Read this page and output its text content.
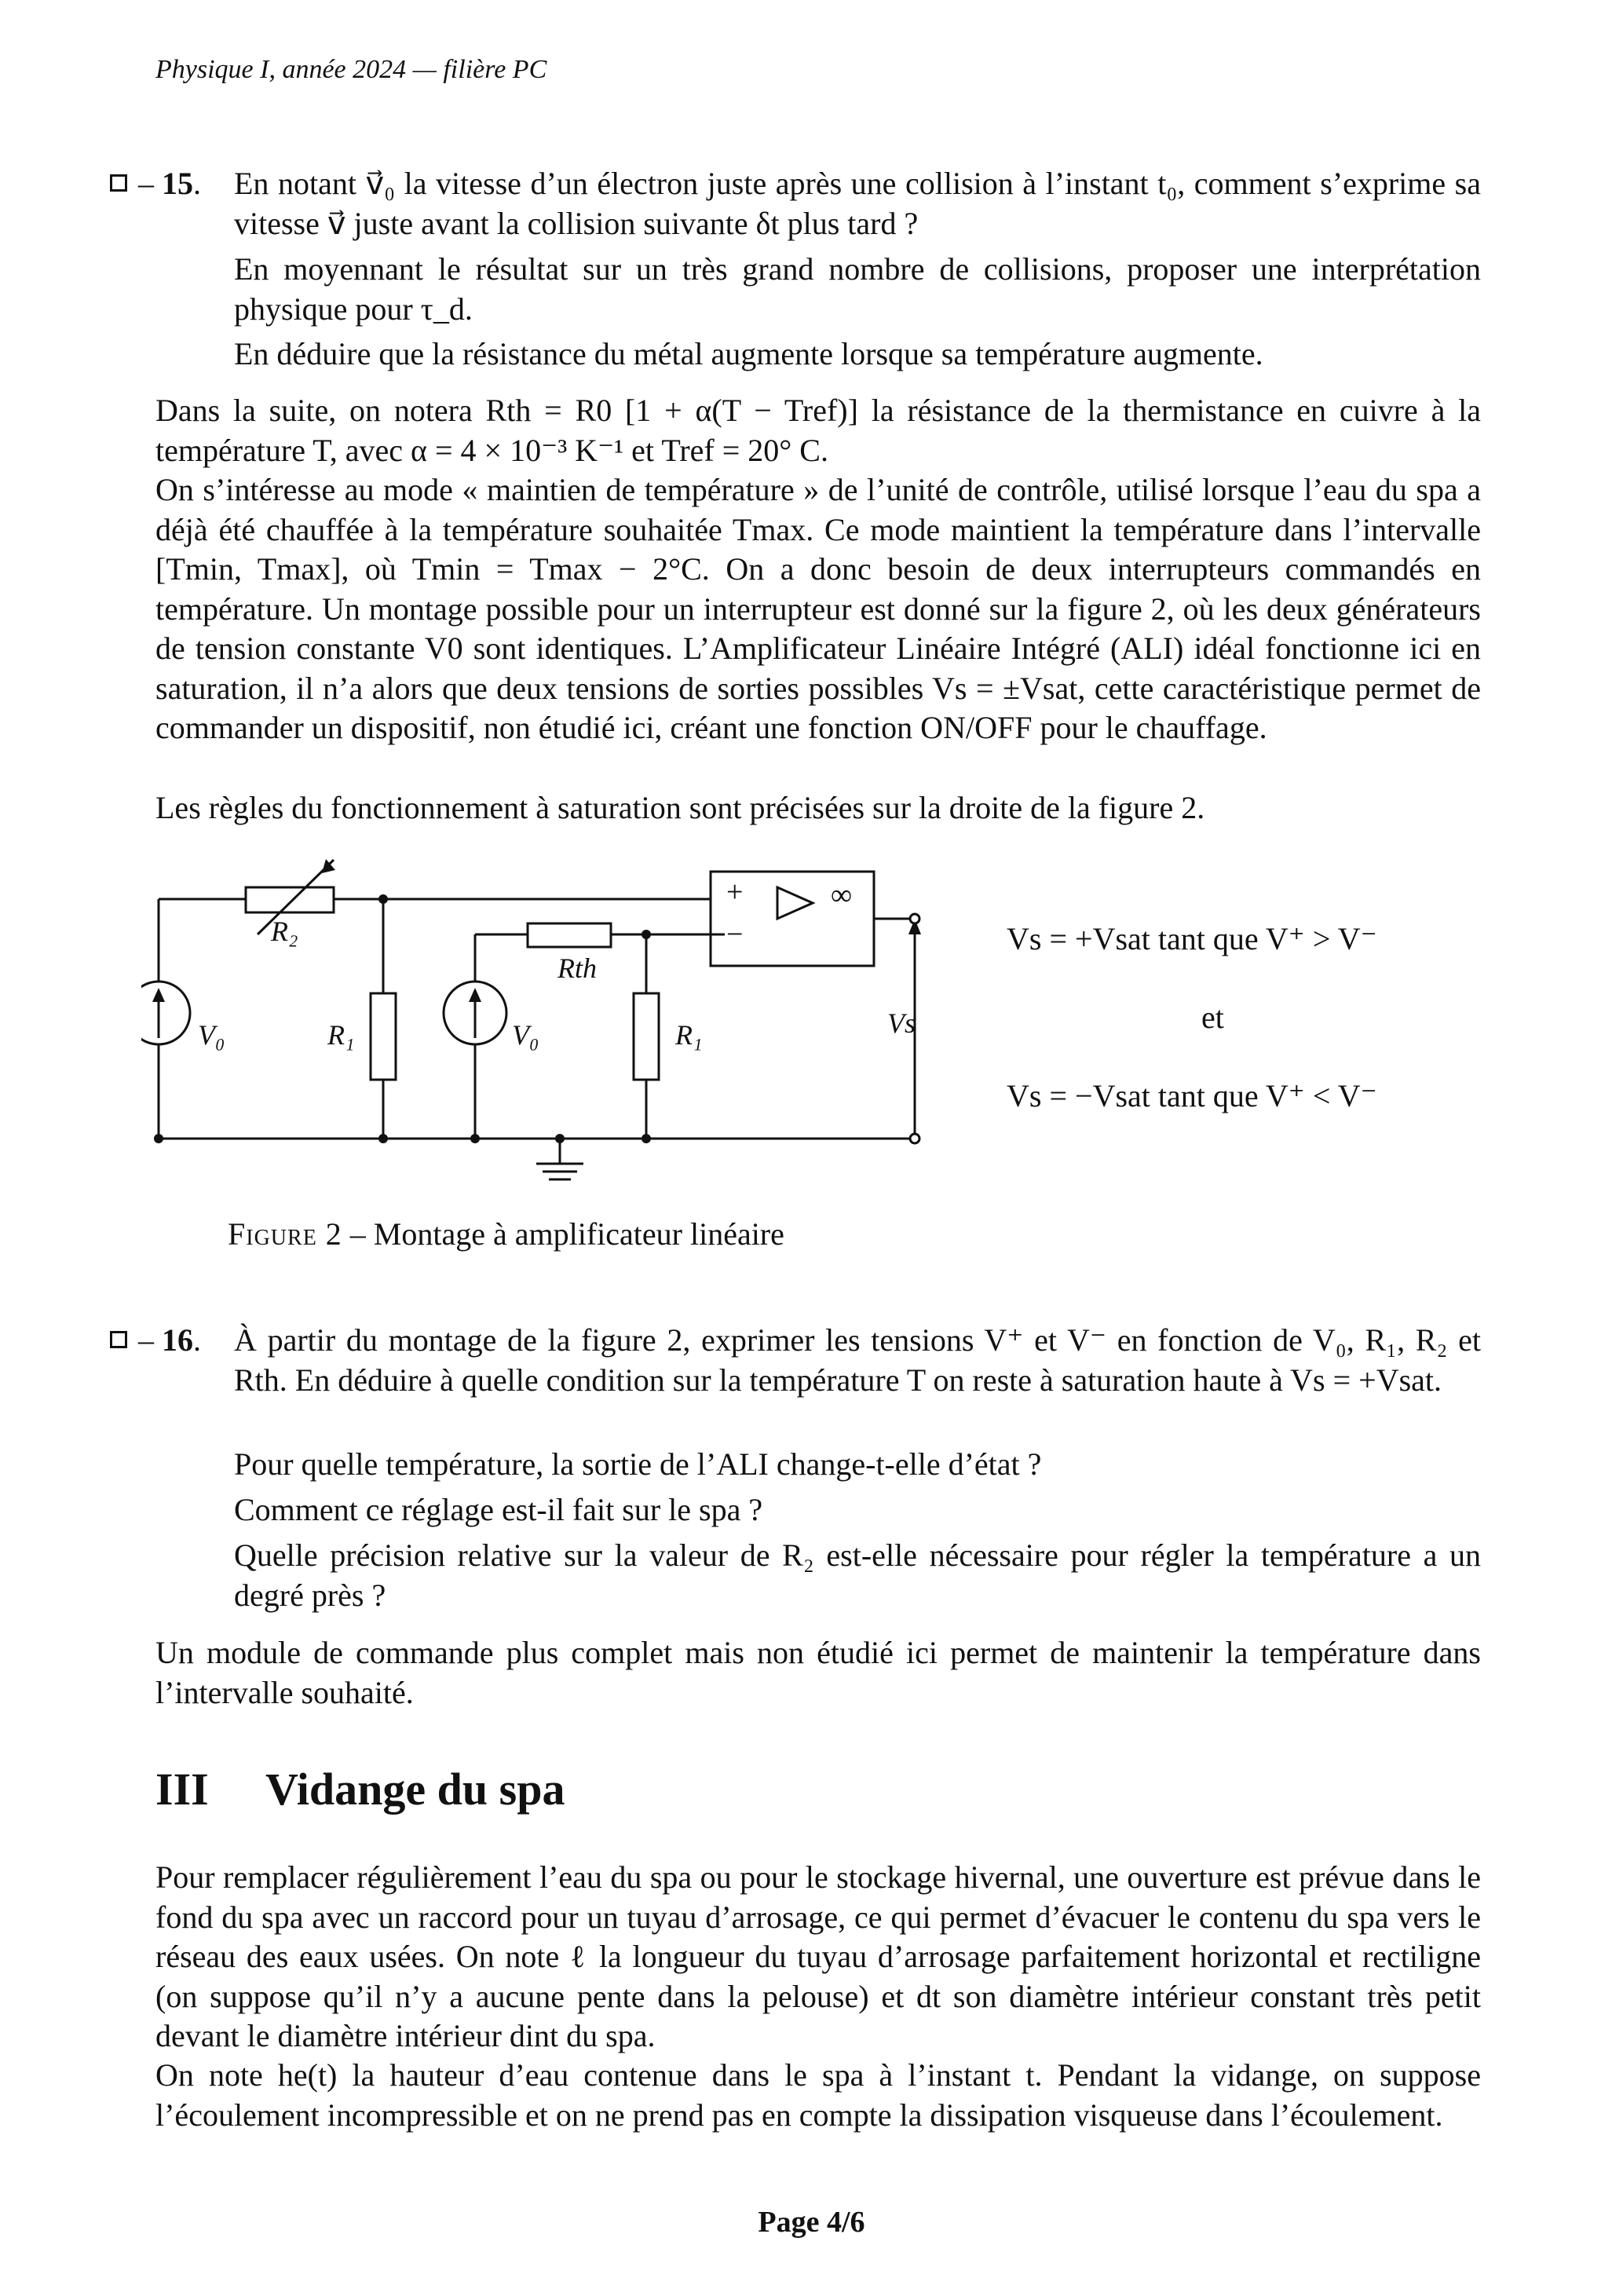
Physique I, année 2024 — filière PC
– 15. En notant v⃗₀ la vitesse d’un électron juste après une collision à l’instant t₀, comment s’exprime sa vitesse v⃗ juste avant la collision suivante δt plus tard ?
En moyennant le résultat sur un très grand nombre de collisions, proposer une interprétation physique pour τ_d.
En déduire que la résistance du métal augmente lorsque sa température augmente.
Dans la suite, on notera Rth = R0 [1 + α(T − Tref)] la résistance de la thermistance en cuivre à la température T, avec α = 4 × 10⁻³ K⁻¹ et Tref = 20° C.
On s’intéresse au mode « maintien de température » de l’unité de contrôle, utilisé lorsque l’eau du spa a déjà été chauffée à la température souhaitée Tmax. Ce mode maintient la température dans l’intervalle [Tmin, Tmax], où Tmin = Tmax − 2°C. On a donc besoin de deux interrupteurs commandés en température. Un montage possible pour un interrupteur est donné sur la figure 2, où les deux générateurs de tension constante V0 sont identiques. L’Amplificateur Linéaire Intégré (ALI) idéal fonctionne ici en saturation, il n’a alors que deux tensions de sorties possibles Vs = ±Vsat, cette caractéristique permet de commander un dispositif, non étudié ici, créant une fonction ON/OFF pour le chauffage.
Les règles du fonctionnement à saturation sont précisées sur la droite de la figure 2.
R₂
Rth
R₁	R₁
V₀	V₀	Vs
+
−
∞
Vs = +Vsat tant que V⁺ > V⁻
et
Vs = −Vsat tant que V⁺ < V⁻
Figure 2 – Montage à amplificateur linéaire
– 16. À partir du montage de la figure 2, exprimer les tensions V⁺ et V⁻ en fonction de V₀, R₁, R₂ et Rth. En déduire à quelle condition sur la température T on reste à saturation haute à Vs = +Vsat.
Pour quelle température, la sortie de l’ALI change-t-elle d’état ?
Comment ce réglage est-il fait sur le spa ?
Quelle précision relative sur la valeur de R₂ est-elle nécessaire pour régler la température a un degré près ?
Un module de commande plus complet mais non étudié ici permet de maintenir la température dans l’intervalle souhaité.
III Vidange du spa
Pour remplacer régulièrement l’eau du spa ou pour le stockage hivernal, une ouverture est prévue dans le fond du spa avec un raccord pour un tuyau d’arrosage, ce qui permet d’évacuer le contenu du spa vers le réseau des eaux usées. On note ℓ la longueur du tuyau d’arrosage parfaitement horizontal et rectiligne (on suppose qu’il n’y a aucune pente dans la pelouse) et dt son diamètre intérieur constant très petit devant le diamètre intérieur dint du spa.
On note he(t) la hauteur d’eau contenue dans le spa à l’instant t. Pendant la vidange, on suppose l’écoulement incompressible et on ne prend pas en compte la dissipation visqueuse dans l’écoulement.
Page 4/6
